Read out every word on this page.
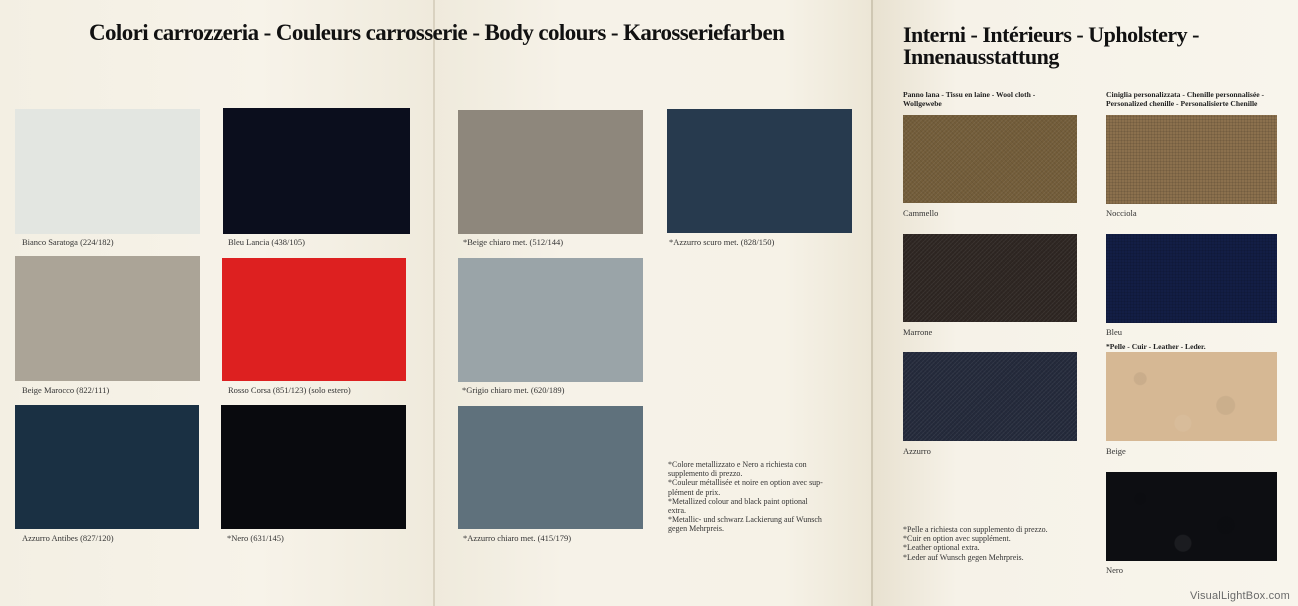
Colori carrozzeria - Couleurs carrosserie - Body colours - Karosseriefarben	Interni - Intérieurs - Upholstery - Innenausstattung
Bianco Saratoga (224/182)	Bleu Lancia (438/105)
Beige Marocco (822/111)	Rosso Corsa (851/123) (solo estero)
Azzurro Antibes (827/120)	*Nero (631/145)
*Beige chiaro met. (512/144)	*Azzurro scuro met. (828/150)
*Grigio chiaro met. (620/189)
*Azzurro chiaro met. (415/179)
*Colore metallizzato e Nero a richiesta con
supplemento di prezzo.
*Couleur métallisée et noire en option avec sup-
plément de prix.
*Metallized colour and black paint optional
extra.
*Metallic- und schwarz Lackierung auf Wunsch
gegen Mehrpreis.
Panno lana - Tissu en laine - Wool cloth -
Wollgewebe
Ciniglia personalizzata - Chenille personnalisée -
Personalized chenille - Personalisierte Chenille
Cammello	Nocciola
Marrone	Bleu
*Pelle - Cuir - Leather - Leder.
Azzurro	Beige
Nero
*Pelle a richiesta con supplemento di prezzo.
*Cuir en option avec supplément.
*Leather optional extra.
*Leder auf Wunsch gegen Mehrpreis.
VisualLightBox.com
